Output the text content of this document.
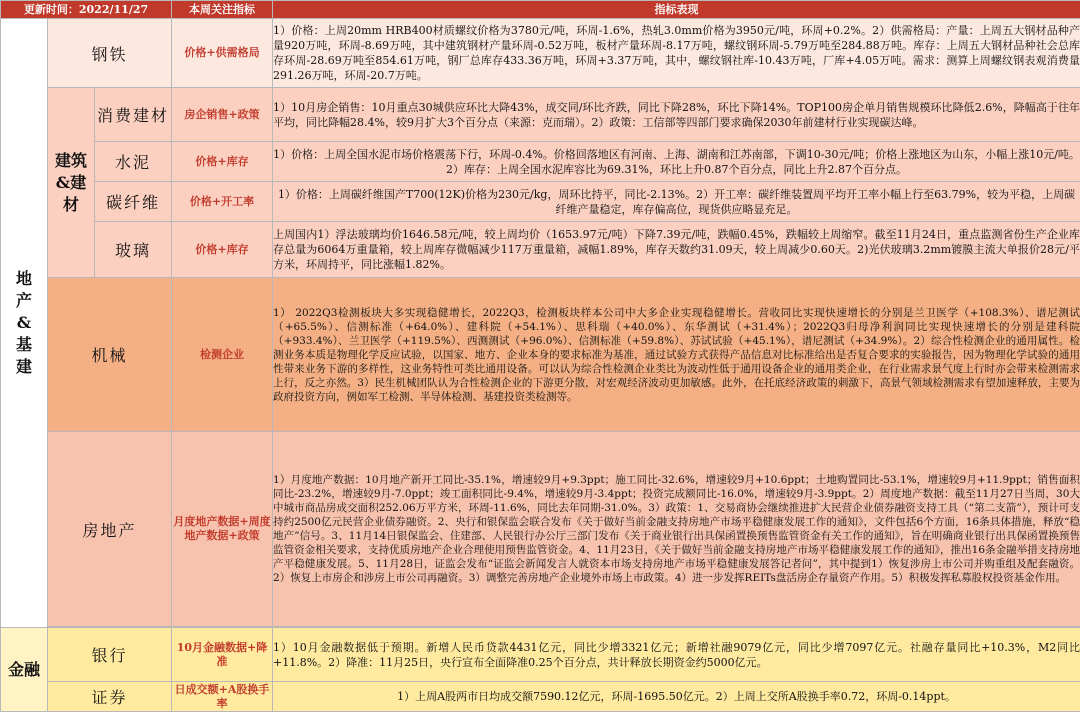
更新时间：2022/11/27			本周关注指标	指标表现
地产&基建	钢铁		价格+供需格局	1）价格：上周20mm HRB400材质螺纹价格为3780元/吨，环周-1.6%，热轧3.0mm价格为3950元/吨，环周+0.2%。2）供需格局：产量：上周五大钢材品种产量920万吨，环周-8.69万吨，其中建筑钢材产量环周-0.52万吨，板材产量环周-8.17万吨，螺纹钢环周-5.79万吨至284.88万吨。库存：上周五大钢材品种社会总库存环周-28.69万吨至854.61万吨，钢厂总库存433.36万吨，环周+3.37万吨，其中，螺纹钢社库-10.43万吨，厂库+4.05万吨。需求：测算上周螺纹钢表观消费量291.26万吨，环周-20.7万吨。
	建筑&建材	消费建材	房企销售+政策	1）10月房企销售：10月重点30城供应环比大降43%，成交同/环比齐跌，同比下降28%，环比下降14%。TOP100房企单月销售规模环比降低2.6%，降幅高于往年平均，同比降幅28.4%，较9月扩大3个百分点（来源：克而瑞）。2）政策：工信部等四部门要求确保2030年前建材行业实现碳达峰。
		水泥	价格+库存	1）价格：上周全国水泥市场价格震荡下行，环周-0.4%。价格回落地区有河南、上海、湖南和江苏南部，下调10-30元/吨；价格上涨地区为山东，小幅上涨10元/吨。2）库存：上周全国水泥库容比为69.31%，环比上升0.87个百分点，同比上升2.87个百分点。
		碳纤维	价格+开工率	1）价格：上周碳纤维国产T700(12K)价格为230元/kg，周环比持平，同比-2.13%。2）开工率：碳纤维装置周平均开工率小幅上行至63.79%，较为平稳，上周碳纤维产量稳定，库存偏高位，现货供应略显充足。
		玻璃	价格+库存	上周国内1）浮法玻璃均价1646.58元/吨，较上周均价（1653.97元/吨）下降7.39元/吨，跌幅0.45%，跌幅较上周缩窄。截至11月24日，重点监测省份生产企业库存总量为6064万重量箱，较上周库存微幅减少117万重量箱，减幅1.89%，库存天数约31.09天，较上周减少0.60天。2)光伏玻璃3.2mm镀膜主流大单报价28元/平方米，环周持平，同比涨幅1.82%。
	机械		检测企业	1） 2022Q3检测板块大多实现稳健增长，2022Q3，检测板块样本公司中大多企业实现稳健增长。营收同比实现快速增长的分别是兰卫医学（+108.3%）、谱尼测试（+65.5%）、信测标准（+64.0%）、建科院（+54.1%）、思科瑞（+40.0%）、东华测试（+31.4%）；2022Q3归母净利润同比实现快速增长的分别是建科院（+933.4%）、兰卫医学（+119.5%）、西测测试（+96.0%）、信测标准（+59.8%）、苏试试验（+45.1%），谱尼测试（+34.9%）。2）综合性检测企业的通用属性。检测业务本质是物理化学反应试验，以国家、地方、企业本身的要求标准为基准，通过试验方式获得产品信息对比标准给出是否复合要求的实验报告，因为物理化学试验的通用性带来业务下游的多样性，这业务特性可类比通用设备。可以认为综合性检测企业类比为波动性低于通用设备企业的通用类企业，在行业需求景气度上行时亦会带来检测需求上行，反之亦然。3）民生机械团队认为合性检测企业的下游更分散，对宏观经济波动更加敏感。此外，在托底经济政策的刺激下，高景气领域检测需求有望加速释放，主要为政府投资方向，例如军工检测、半导体检测、基建投资类检测等。
	房地产		月度地产数据+周度地产数据+政策	1）月度地产数据：10月地产新开工同比-35.1%，增速较9月+9.3ppt；施工同比-32.6%，增速较9月+10.6ppt；土地购置同比-53.1%，增速较9月+11.9ppt；销售面积同比-23.2%，增速较9月-7.0ppt；竣工面积同比-9.4%，增速较9月-3.4ppt；投资完成额同比-16.0%，增速较9月-3.9ppt。2）周度地产数据：截至11月27日当周，30大中城市商品房成交面积252.06万平方米，环周-11.6%，同比去年同期-31.0%。3）政策：1、交易商协会继续推进扩大民营企业债券融资支持工具（“第二支箭”），预计可支持约2500亿元民营企业债券融资。2、央行和银保监会联合发布《关于做好当前金融支持房地产市场平稳健康发展工作的通知》，文件包括6个方面，16条具体措施，释放“稳地产”信号。3、11月14日银保监会、住建部、人民银行办公厅三部门发布《关于商业银行出具保函置换预售监管资金有关工作的通知》，旨在明确商业银行出具保函置换预售监管资金相关要求，支持优质房地产企业合理使用预售监管资金。4、11月23日，《关于做好当前金融支持房地产市场平稳健康发展工作的通知》，推出16条金融举措支持房地产平稳健康发展。5、11月28日，证监会发布“证监会新闻发言人就资本市场支持房地产市场平稳健康发展答记者问”，其中提到1）恢复涉房上市公司并购重组及配套融资。2）恢复上市房企和涉房上市公司再融资。3）调整完善房地产企业境外市场上市政策。4）进一步发挥REITs盘活房企存量资产作用。5）积极发挥私募股权投资基金作用。

金融	银行		10月金融数据+降准	1）10月金融数据低于预期。新增人民币贷款4431亿元，同比少增3321亿元；新增社融9079亿元，同比少增7097亿元。社融存量同比+10.3%，M2同比+11.8%。2）降准：11月25日，央行宣布全面降准0.25个百分点，共计释放长期资金约5000亿元。
	证券		日成交额+A股换手率	1）上周A股两市日均成交额7590.12亿元，环周-1695.50亿元。2）上周上交所A股换手率0.72，环周-0.14ppt。
